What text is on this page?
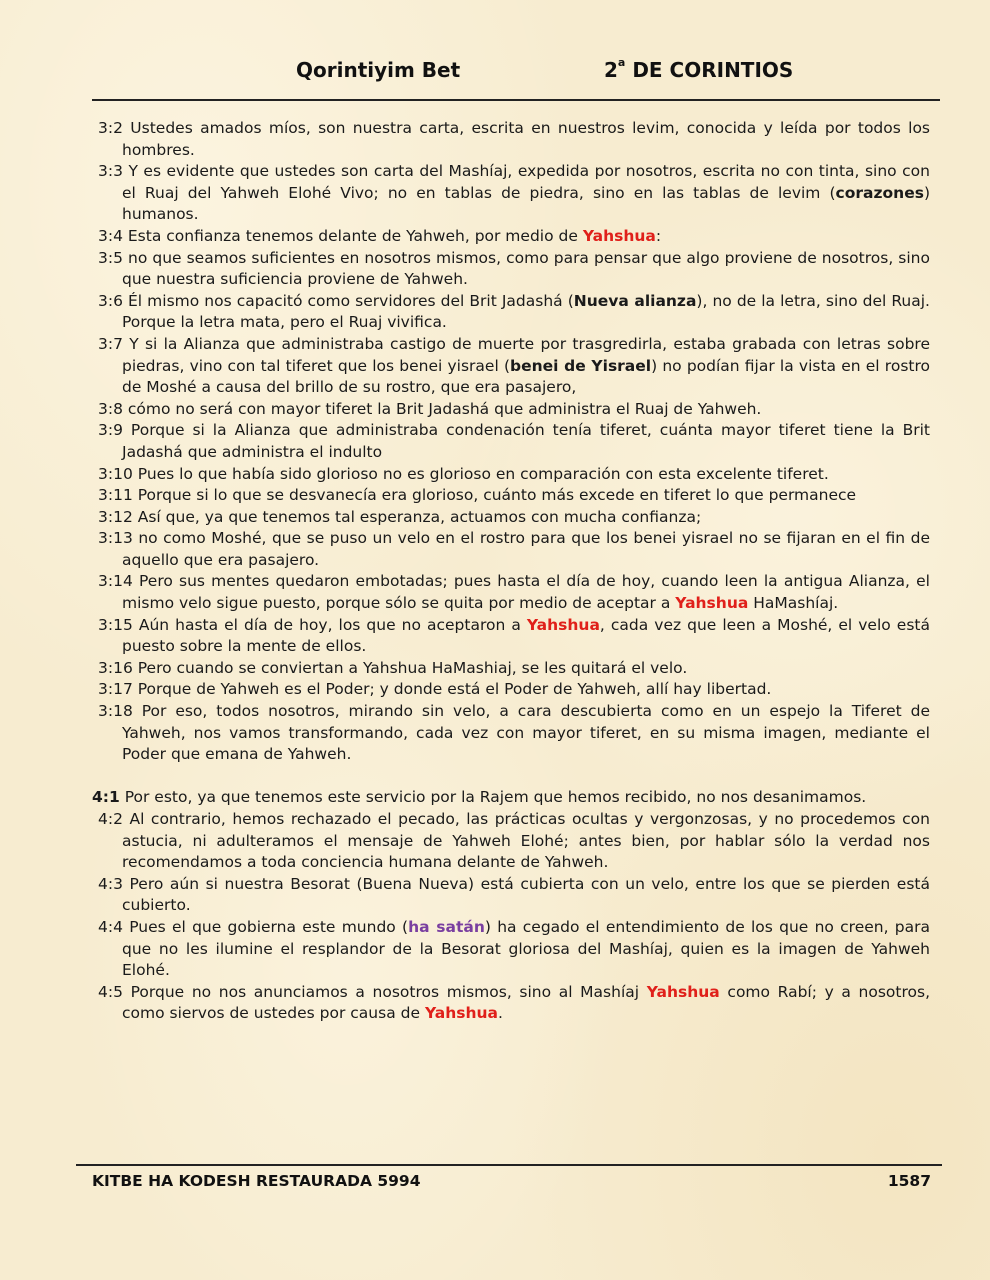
Qorintiyim Bet	2$^a$ DE CORINTIOS

3:2 Ustedes amados míos, son nuestra carta, escrita en nuestros levim, conocida y leída por todos los hombres.

3:3 Y es evidente que ustedes son carta del Mashíaj, expedida por nosotros, escrita no con tinta, sino con el Ruaj del Yahweh Elohé Vivo; no en tablas de piedra, sino en las tablas de levim (corazones) humanos.

3:4 Esta confianza tenemos delante de Yahweh, por medio de Yahshua:

3:5 no que seamos suficientes en nosotros mismos, como para pensar que algo proviene de nosotros, sino que nuestra suficiencia proviene de Yahweh.

3:6 Él mismo nos capacitó como servidores del Brit Jadashá (Nueva alianza), no de la letra, sino del Ruaj. Porque la letra mata, pero el Ruaj vivifica.

3:7 Y si la Alianza que administraba castigo de muerte por trasgredirla, estaba grabada con letras sobre piedras, vino con tal tiferet que los benei yisrael (benei de Yisrael) no podían fijar la vista en el rostro de Moshé a causa del brillo de su rostro, que era pasajero,

3:8 cómo no será con mayor tiferet la Brit Jadashá que administra el Ruaj de Yahweh.

3:9 Porque si la Alianza que administraba condenación tenía tiferet, cuánta mayor tiferet tiene la Brit Jadashá que administra el indulto

3:10 Pues lo que había sido glorioso no es glorioso en comparación con esta excelente tiferet.

3:11 Porque si lo que se desvanecía era glorioso, cuánto más excede en tiferet lo que permanece

3:12 Así que, ya que tenemos tal esperanza, actuamos con mucha confianza;

3:13 no como Moshé, que se puso un velo en el rostro para que los benei yisrael no se fijaran en el fin de aquello que era pasajero.

3:14 Pero sus mentes quedaron embotadas; pues hasta el día de hoy, cuando leen la antigua Alianza, el mismo velo sigue puesto, porque sólo se quita por medio de aceptar a Yahshua HaMashíaj.

3:15 Aún hasta el día de hoy, los que no aceptaron a Yahshua, cada vez que leen a Moshé, el velo está puesto sobre la mente de ellos.

3:16 Pero cuando se conviertan a Yahshua HaMashiaj, se les quitará el velo.

3:17 Porque de Yahweh es el Poder; y donde está el Poder de Yahweh, allí hay libertad.

3:18 Por eso, todos nosotros, mirando sin velo, a cara descubierta como en un espejo la Tiferet de Yahweh, nos vamos transformando, cada vez con mayor tiferet, en su misma imagen, mediante el Poder que emana de Yahweh.

4:1 Por esto, ya que tenemos este servicio por la Rajem que hemos recibido, no nos desanimamos.

4:2 Al contrario, hemos rechazado el pecado, las prácticas ocultas y vergonzosas, y no procedemos con astucia, ni adulteramos el mensaje de Yahweh Elohé; antes bien, por hablar sólo la verdad nos recomendamos a toda conciencia humana delante de Yahweh.

4:3 Pero aún si nuestra Besorat (Buena Nueva) está cubierta con un velo, entre los que se pierden está cubierto.

4:4 Pues el que gobierna este mundo (ha satán) ha cegado el entendimiento de los que no creen, para que no les ilumine el resplandor de la Besorat gloriosa del Mashíaj, quien es la imagen de Yahweh Elohé.

4:5 Porque no nos anunciamos a nosotros mismos, sino al Mashíaj Yahshua como Rabí; y a nosotros, como siervos de ustedes por causa de Yahshua.

KITBE HA KODESH RESTAURADA 5994	1587
